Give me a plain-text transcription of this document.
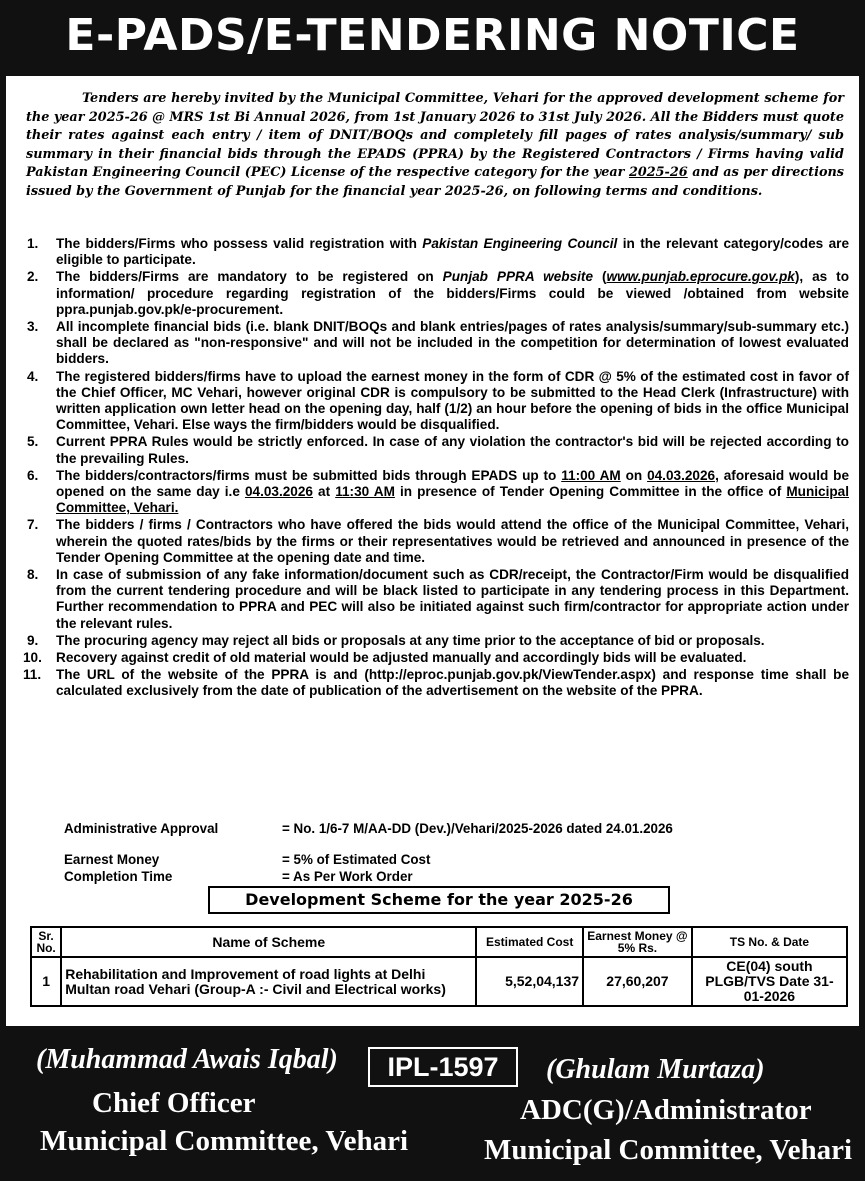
E-PADS/E-TENDERING NOTICE

Tenders are hereby invited by the Municipal Committee, Vehari for the approved development scheme for the year 2025-26 @ MRS 1st Bi Annual 2026, from 1st January 2026 to 31st July 2026. All the Bidders must quote their rates against each entry / item of DNIT/BOQs and completely fill pages of rates analysis/summary/ sub summary in their financial bids through the EPADS (PPRA) by the Registered Contractors / Firms having valid Pakistan Engineering Council (PEC) License of the respective category for the year 2025-26 and as per directions issued by the Government of Punjab for the financial year 2025-26, on following terms and conditions.

1. The bidders/Firms who possess valid registration with Pakistan Engineering Council in the relevant category/codes are eligible to participate.
2. The bidders/Firms are mandatory to be registered on Punjab PPRA website (www.punjab.eprocure.gov.pk), as to information/ procedure regarding registration of the bidders/Firms could be viewed /obtained from website ppra.punjab.gov.pk/e-procurement.
3. All incomplete financial bids (i.e. blank DNIT/BOQs and blank entries/pages of rates analysis/summary/sub-summary etc.) shall be declared as "non-responsive" and will not be included in the competition for determination of lowest evaluated bidders.
4. The registered bidders/firms have to upload the earnest money in the form of CDR @ 5% of the estimated cost in favor of the Chief Officer, MC Vehari, however original CDR is compulsory to be submitted to the Head Clerk (Infrastructure) with written application own letter head on the opening day, half (1/2) an hour before the opening of bids in the office Municipal Committee, Vehari. Else ways the firm/bidders would be disqualified.
5. Current PPRA Rules would be strictly enforced. In case of any violation the contractor's bid will be rejected according to the prevailing Rules.
6. The bidders/contractors/firms must be submitted bids through EPADS up to 11:00 AM on 04.03.2026, aforesaid would be opened on the same day i.e 04.03.2026 at 11:30 AM in presence of Tender Opening Committee in the office of Municipal Committee, Vehari.
7. The bidders / firms / Contractors who have offered the bids would attend the office of the Municipal Committee, Vehari, wherein the quoted rates/bids by the firms or their representatives would be retrieved and announced in presence of the Tender Opening Committee at the opening date and time.
8. In case of submission of any fake information/document such as CDR/receipt, the Contractor/Firm would be disqualified from the current tendering procedure and will be black listed to participate in any tendering process in this Department. Further recommendation to PPRA and PEC will also be initiated against such firm/contractor for appropriate action under the relevant rules.
9. The procuring agency may reject all bids or proposals at any time prior to the acceptance of bid or proposals.
10. Recovery against credit of old material would be adjusted manually and accordingly bids will be evaluated.
11. The URL of the website of the PPRA is and (http://eproc.punjab.gov.pk/ViewTender.aspx) and response time shall be calculated exclusively from the date of publication of the advertisement on the website of the PPRA.
Administrative Approval	= No. 1/6-7 M/AA-DD (Dev.)/Vehari/2025-2026 dated 24.01.2026
Earnest Money	= 5% of Estimated Cost
Completion Time	= As Per Work Order
Development Scheme for the year 2025-26
Sr. No.	Name of Scheme	Estimated Cost	Earnest Money @ 5% Rs.	TS No. & Date
1	Rehabilitation and Improvement of road lights at Delhi Multan road Vehari (Group-A :- Civil and Electrical works)	5,52,04,137	27,60,207	CE(04) south PLGB/TVS Date 31-01-2026
(Muhammad Awais Iqbal)
Chief Officer
Municipal Committee, Vehari
IPL-1597	(Ghulam Murtaza)
ADC(G)/Administrator
Municipal Committee, Vehari
